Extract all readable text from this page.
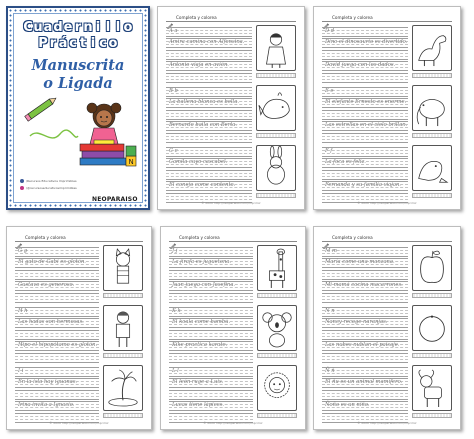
Cuade r n i l l o
P r á c t i c o
Manuscrita
o Ligada
N
/Recursos Educativos Imprimibles
/@recursoseducativosimprimibles
NEOPARAISO
Completa y colorea
A a
Amira camina con Alfonsina.
Antonio viaja en avión.
B b
La ballena blanca es bella.
Bernardo baila con Berta.
C c
Camila cuyo cascabel.
El conejo come contento.
© 2020 http://neoparaiso.com/imprimir
Completa y colorea
D d
Dino el dinosaurio es divertido.
David juega con los dados.
E e
El elefante Ernesto es enorme.
Las estrellas en el cielo brillan.
F f
La foca es feliz.
Fernanda y su familia viajan.
© 2020 http://neoparaiso.com/imprimir
Completa y colorea
G g
El gato de Gabi es glotón.
Gustavo es generoso.
H h
Las hadas son hermosas.
Hipo el hipopótamo es glotón.
I i
En la isla hay iguanas.
Irina invita a Ignacio.
© 2020 http://neoparaiso.com/imprimir
Completa y colorea
J j
La jirafa es juguetona.
Juan juega con Josefina.
K k
El koala come bambú.
Kike practica karate.
L l
El león ruge a Luis.
Lucas tiene lápices.
© 2020 http://neoparaiso.com/imprimir
Completa y colorea
M m
María come una manzana.
Mi mamá cocina macarrones.
N n
Nancy recoge naranjas.
Las nubes nublan el paisaje.
Ñ ñ
El ñu es un animal mamífero.
Ñoño es un niño.
© 2020 http://neoparaiso.com/imprimir
